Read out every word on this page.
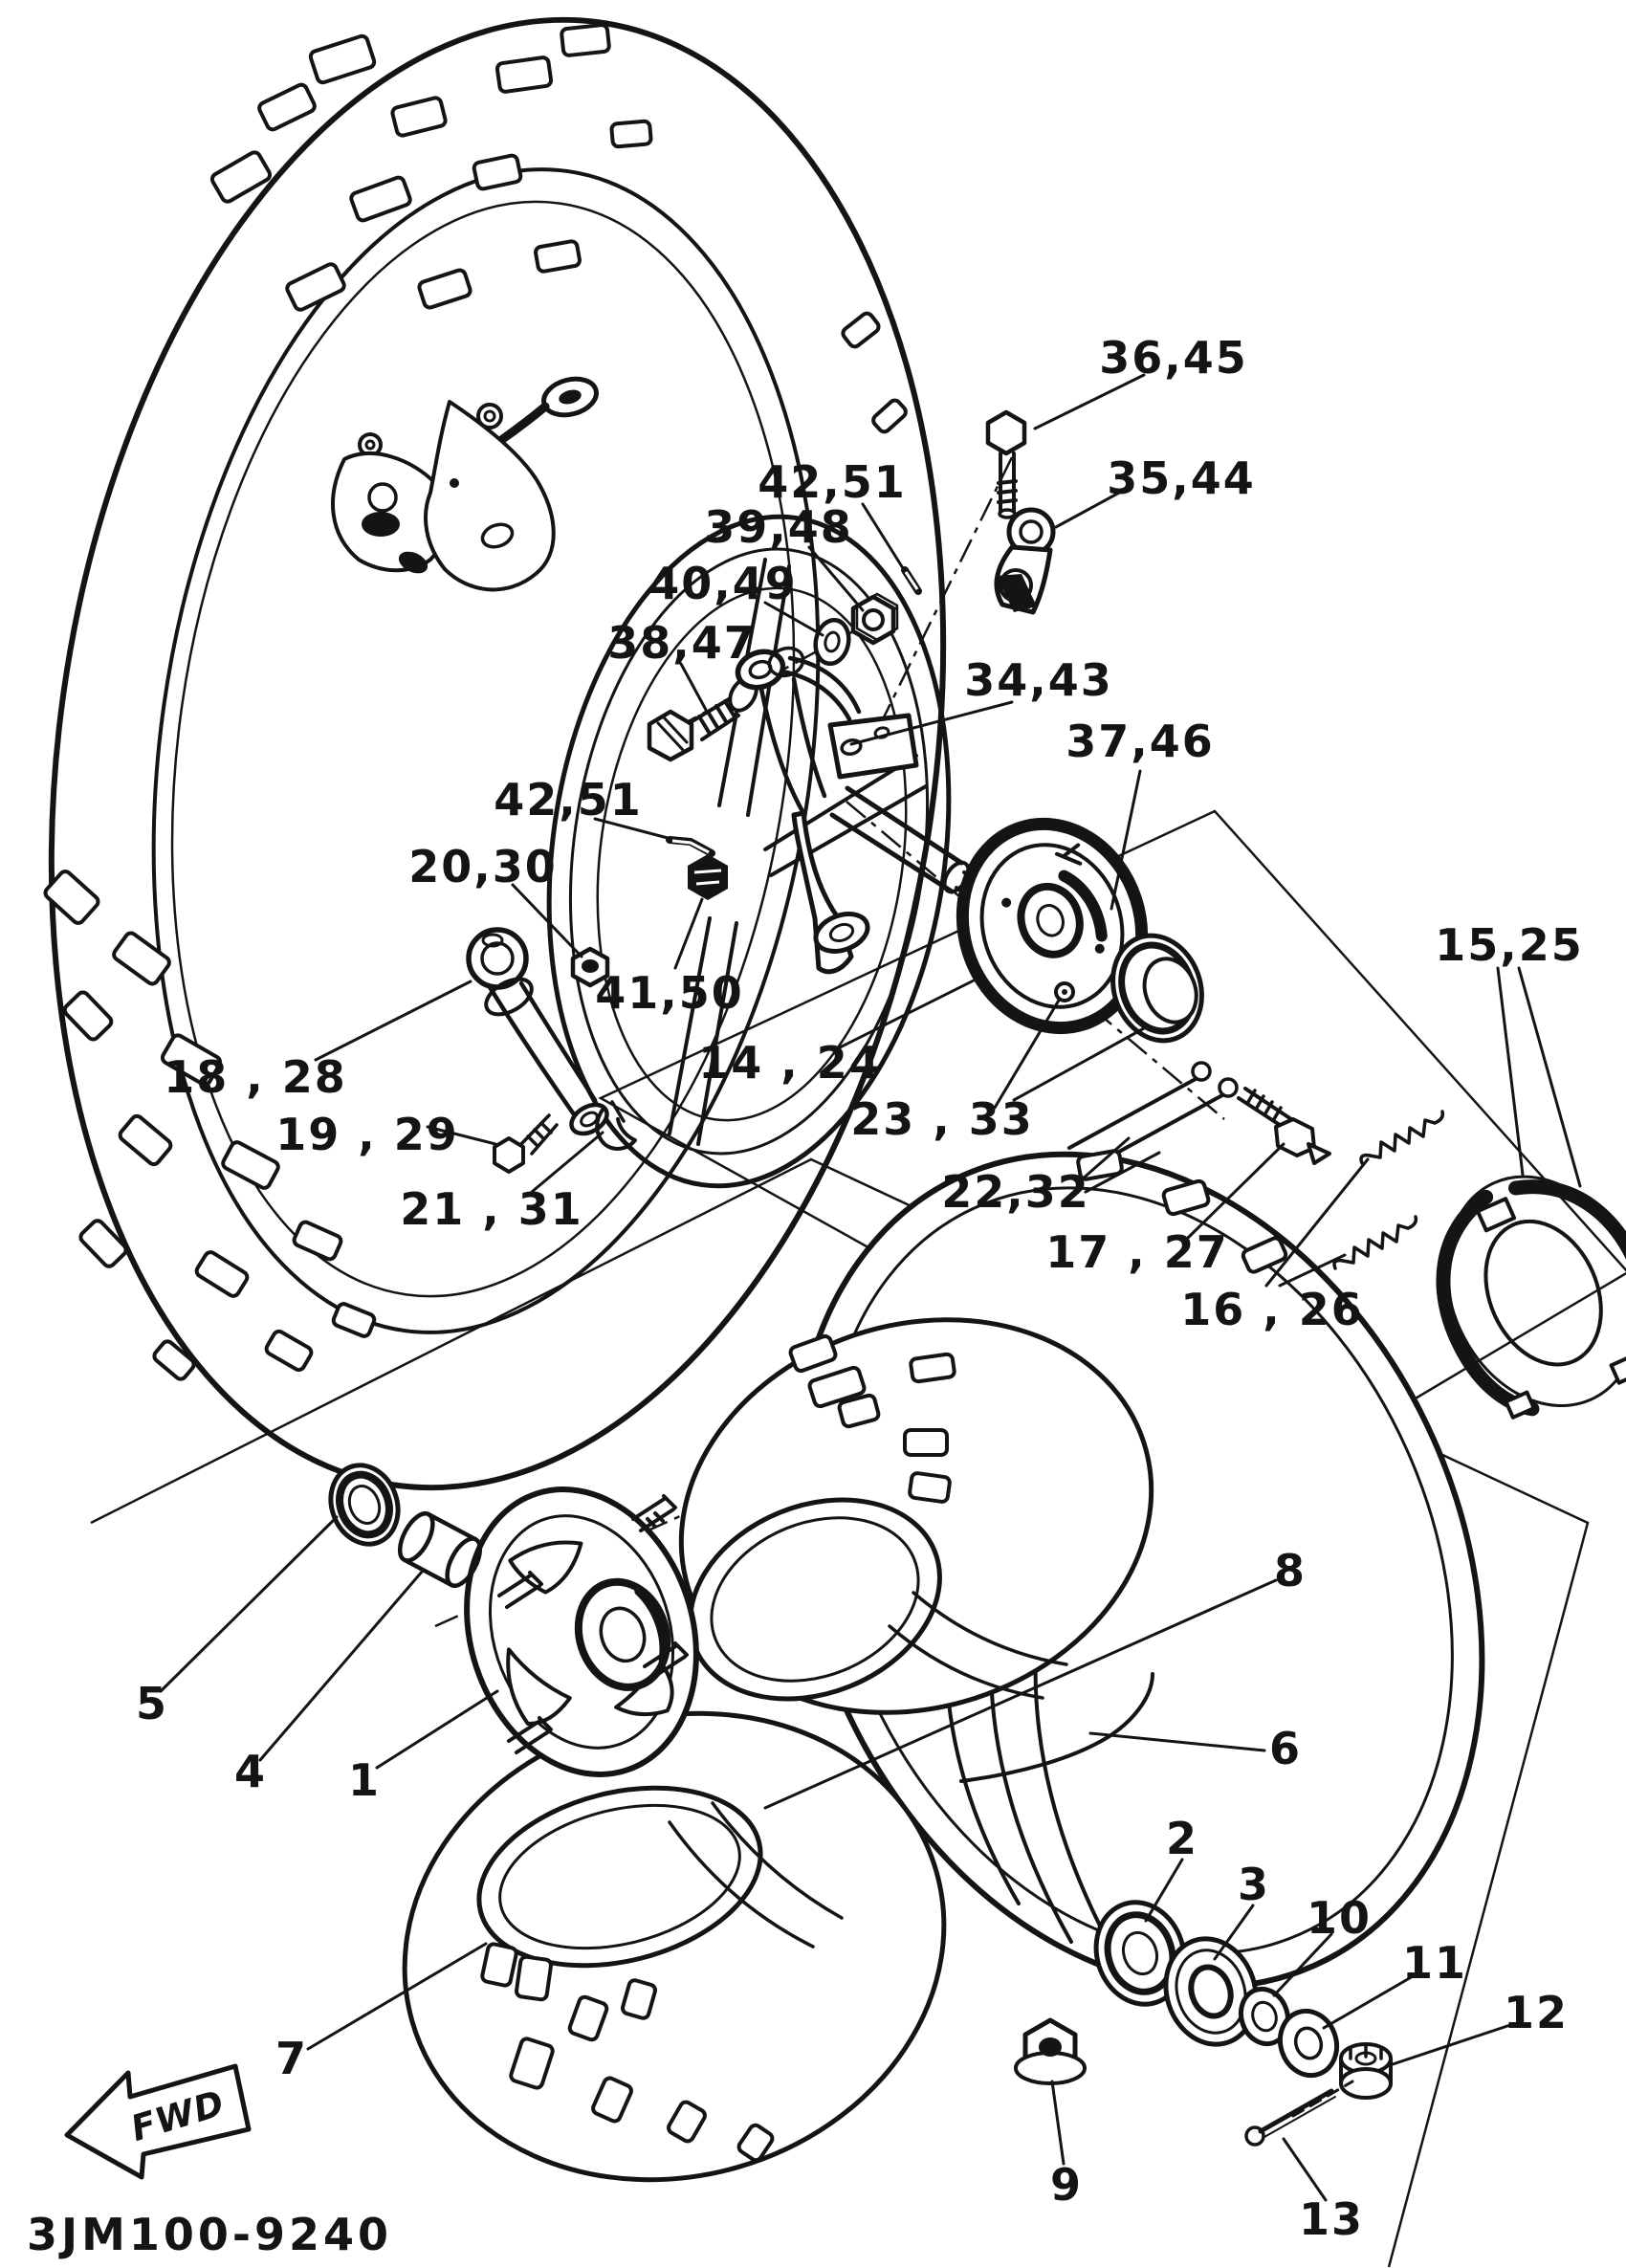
36,45
35,44
42,51
39,48
40,49
38,47
34,43
37,46
42,51
20,30
41,50
15,25
14 , 24
18 , 28
23 , 33
19 , 29
22,32
21 , 31
17 , 27
16 , 26
5
4 1
7
8
6
2
3
10
11
12
9
13
FWD
3JM100-9240
